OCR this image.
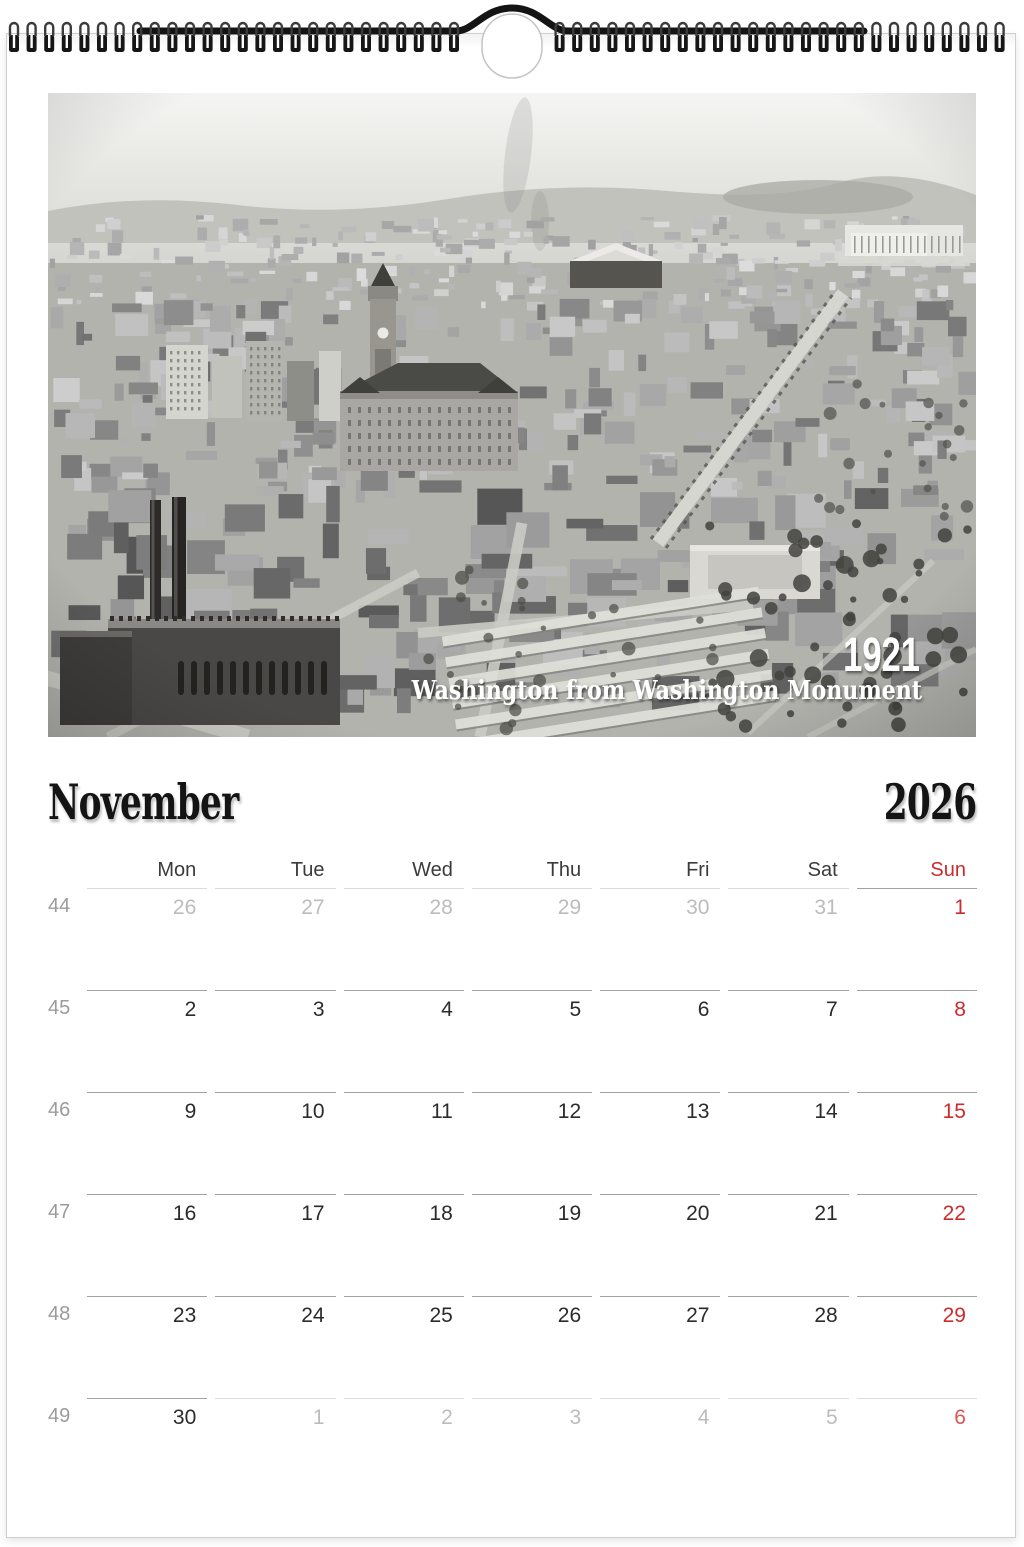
1921
Washington from Washington Monument
November	2026
Mon	Tue	Wed	Thu	Fri	Sat	Sun
44	26	27	28	29	30	31	1
45	2	3	4	5	6	7	8
46	9	10	11	12	13	14	15
47	16	17	18	19	20	21	22
48	23	24	25	26	27	28	29
49	30	1	2	3	4	5	6
